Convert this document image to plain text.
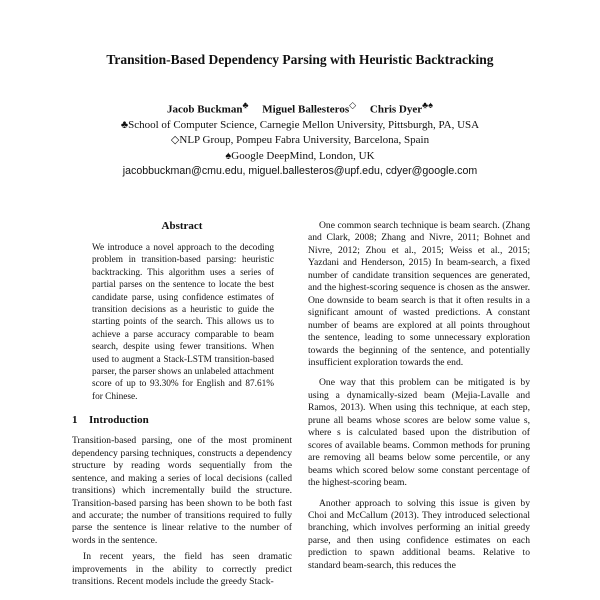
Transition-Based Dependency Parsing with Heuristic Backtracking
Jacob Buckman♣ Miguel Ballesteros◇ Chris Dyer♣♠
♣School of Computer Science, Carnegie Mellon University, Pittsburgh, PA, USA
◇NLP Group, Pompeu Fabra University, Barcelona, Spain
♠Google DeepMind, London, UK
jacobbuckman@cmu.edu, miguel.ballesteros@upf.edu, cdyer@google.com
Abstract

We introduce a novel approach to the decoding problem in transition-based parsing: heuristic backtracking. This algorithm uses a series of partial parses on the sentence to locate the best candidate parse, using confidence estimates of transition decisions as a heuristic to guide the starting points of the search. This allows us to achieve a parse accuracy comparable to beam search, despite using fewer transitions. When used to augment a Stack-LSTM transition-based parser, the parser shows an unlabeled attachment score of up to 93.30% for English and 87.61% for Chinese.

1 Introduction

Transition-based parsing, one of the most prominent dependency parsing techniques, constructs a dependency structure by reading words sequentially from the sentence, and making a series of local decisions (called transitions) which incrementally build the structure. Transition-based parsing has been shown to be both fast and accurate; the number of transitions required to fully parse the sentence is linear relative to the number of words in the sentence.

In recent years, the field has seen dramatic improvements in the ability to correctly predict transitions. Recent models include the greedy Stack-

One common search technique is beam search. (Zhang and Clark, 2008; Zhang and Nivre, 2011; Bohnet and Nivre, 2012; Zhou et al., 2015; Weiss et al., 2015; Yazdani and Henderson, 2015) In beam-search, a fixed number of candidate transition sequences are generated, and the highest-scoring sequence is chosen as the answer. One downside to beam search is that it often results in a significant amount of wasted predictions. A constant number of beams are explored at all points throughout the sentence, leading to some unnecessary exploration towards the beginning of the sentence, and potentially insufficient exploration towards the end.

One way that this problem can be mitigated is by using a dynamically-sized beam (Mejia-Lavalle and Ramos, 2013). When using this technique, at each step, prune all beams whose scores are below some value s, where s is calculated based upon the distribution of scores of available beams. Common methods for pruning are removing all beams below some percentile, or any beams which scored below some constant percentage of the highest-scoring beam.

Another approach to solving this issue is given by Choi and McCallum (2013). They introduced selectional branching, which involves performing an initial greedy parse, and then using confidence estimates on each prediction to spawn additional beams. Relative to standard beam-search, this reduces the
